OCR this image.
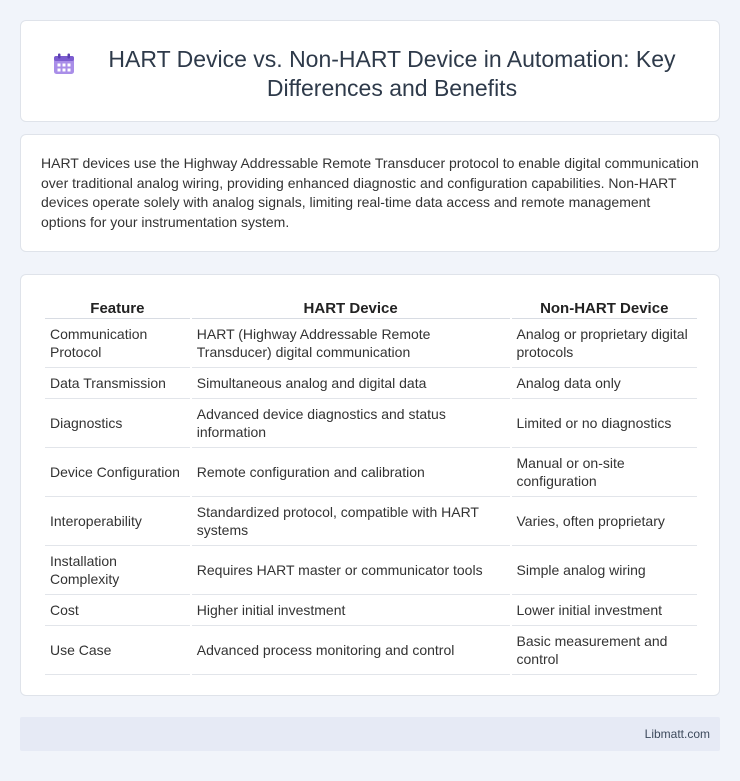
HART Device vs. Non-HART Device in Automation: Key Differences and Benefits

HART devices use the Highway Addressable Remote Transducer protocol to enable digital communication over traditional analog wiring, providing enhanced diagnostic and configuration capabilities. Non-HART devices operate solely with analog signals, limiting real-time data access and remote management options for your instrumentation system.

Feature	HART Device	Non-HART Device
Communication Protocol	HART (Highway Addressable Remote Transducer) digital communication	Analog or proprietary digital protocols
Data Transmission	Simultaneous analog and digital data	Analog data only
Diagnostics	Advanced device diagnostics and status information	Limited or no diagnostics
Device Configuration	Remote configuration and calibration	Manual or on-site configuration
Interoperability	Standardized protocol, compatible with HART systems	Varies, often proprietary
Installation Complexity	Requires HART master or communicator tools	Simple analog wiring
Cost	Higher initial investment	Lower initial investment
Use Case	Advanced process monitoring and control	Basic measurement and control
Libmatt.com
